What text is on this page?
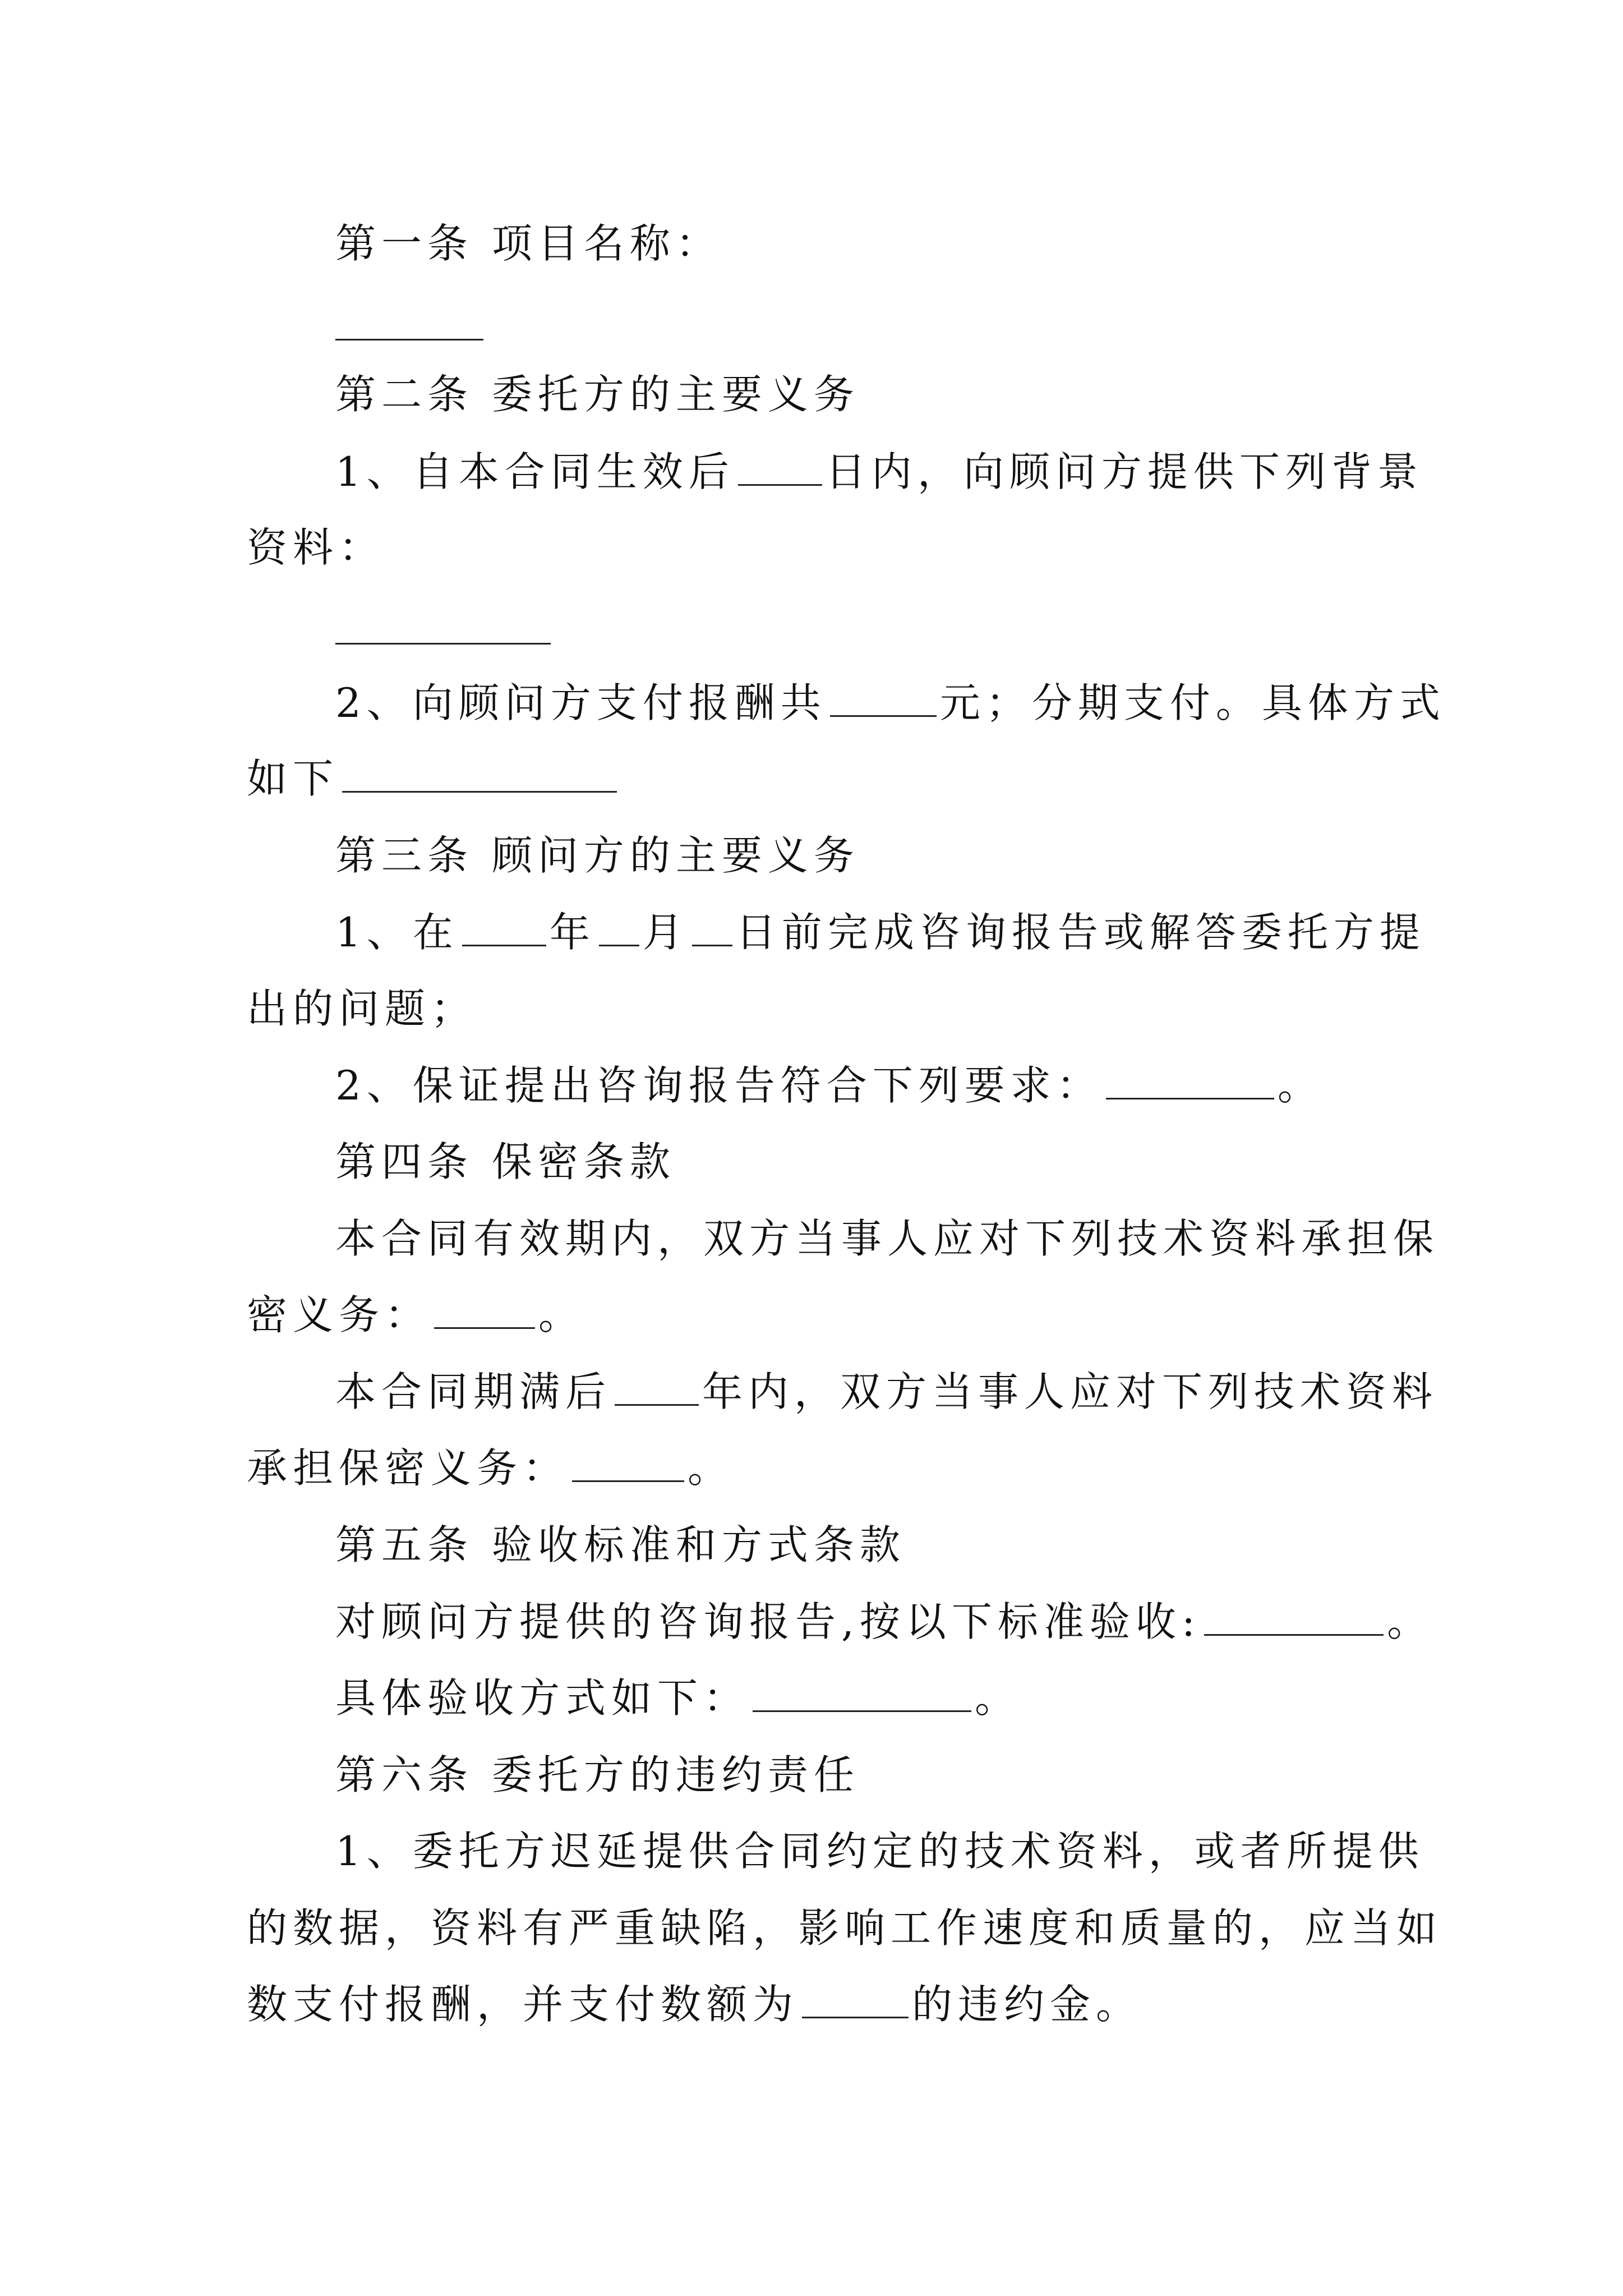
第一条 项目名称：
第二条 委托方的主要义务
1、自本合同生效后 日内，向顾问方提供下列背景
资料：
2、向顾问方支付报酬共	元；分期支付。具体方式
如下
第三条 顾问方的主要义务
1、在 年 月 日前完成咨询报告或解答委托方提
出的问题；
2、保证提出咨询报告符合下列要求：	。
第四条 保密条款
本合同有效期内，双方当事人应对下列技术资料承担保
密义务：	。
本合同期满后 年内，双方当事人应对下列技术资料
承担保密义务：	。
第五条 验收标准和方式条款
对顾问方提供的咨询报告,按以下标准验收:	。
具体验收方式如下：	。
第六条 委托方的违约责任
1、委托方迟延提供合同约定的技术资料，或者所提供
的数据，资料有严重缺陷，影响工作速度和质量的，应当如
数支付报酬，并支付数额为	的违约金。
